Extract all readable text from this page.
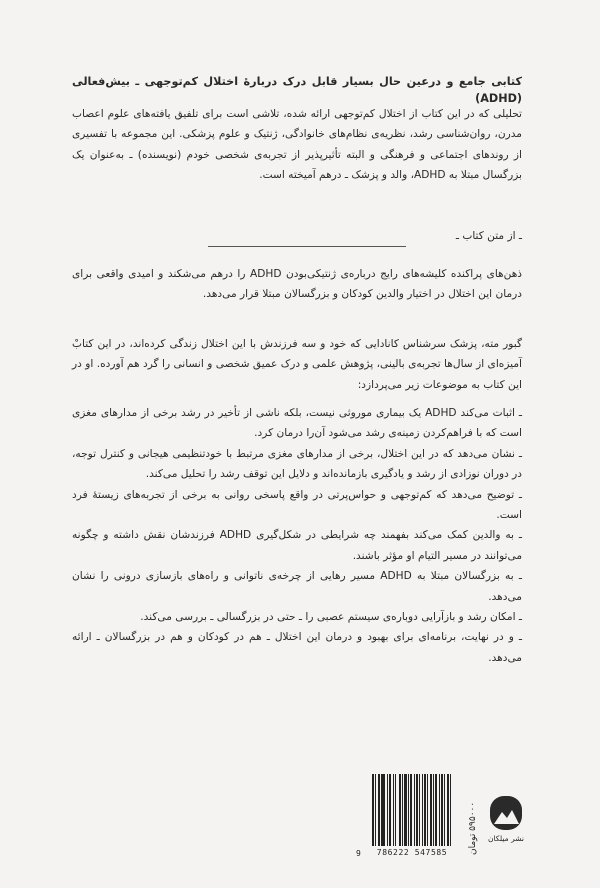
کتابی جامع و درعین حال بسیار قابل درک دربارهٔ اختلال کم‌توجهی ـ بیش‌فعالی (ADHD)

تحلیلی که در این کتاب از اختلال کم‌توجهی ارائه شده، تلاشی است برای تلفیق یافته‌های علوم اعصاب مدرن، روان‌شناسی رشد، نظریه‌ی نظام‌های خانوادگی، ژنتیک و علوم پزشکی. این مجموعه با تفسیری از روندهای اجتماعی و فرهنگی و البته تأثیرپذیر از تجربه‌ی شخصی خودم (نویسنده) ـ به‌عنوان یک بزرگسال مبتلا به ADHD، والد و پزشک ـ درهم آمیخته است.

ـ از متن کتاب ـ

ذهن‌های پراکنده کلیشه‌های رایج درباره‌ی ژنتیکی‌بودن ADHD را درهم می‌شکند و امیدی واقعی برای درمان این اختلال در اختیار والدین کودکان و بزرگسالان مبتلا قرار می‌دهد.

گبور مته، پزشک سرشناس کانادایی که خود و سه فرزندش با این اختلال زندگی کرده‌اند، در این کتابْ آمیزه‌ای از سال‌ها تجربه‌ی بالینی، پژوهش علمی و درک عمیق شخصی و انسانی را گرد هم آورده. او در این کتاب به موضوعات زیر می‌پردازد:

ـ اثبات می‌کند ADHD یک بیماری موروثی نیست، بلکه ناشی از تأخیر در رشد برخی از مدارهای مغزی است که با فراهم‌کردن زمینه‌ی رشد می‌شود آن‌را درمان کرد.

ـ نشان می‌دهد که در این اختلال، برخی از مدارهای مغزی مرتبط با خودتنظیمی هیجانی و کنترل توجه، در دوران نوزادی از رشد و یادگیری بازمانده‌اند و دلایل این توقف رشد را تحلیل می‌کند.

ـ توضیح می‌دهد که کم‌توجهی و حواس‌پرتی در واقع پاسخی روانی به برخی از تجربه‌های زیستهٔ فرد است.

ـ به والدین کمک می‌کند بفهمند چه شرایطی در شکل‌گیری ADHD فرزندشان نقش داشته و چگونه می‌توانند در مسیر التیام او مؤثر باشند.

ـ به بزرگسالان مبتلا به ADHD مسیر رهایی از چرخه‌ی ناتوانی و راه‌های بازسازی درونی را نشان می‌دهد.

ـ امکان رشد و بازآرایی دوباره‌ی سیستم عصبی را ـ حتی در بزرگسالی ـ بررسی می‌کند.

ـ و در نهایت، برنامه‌ای برای بهبود و درمان این اختلال ـ هم در کودکان و هم در بزرگسالان ـ ارائه می‌دهد.

9	786222 547585	۵۹۵۰۰۰ تومان
نشر میلکان
